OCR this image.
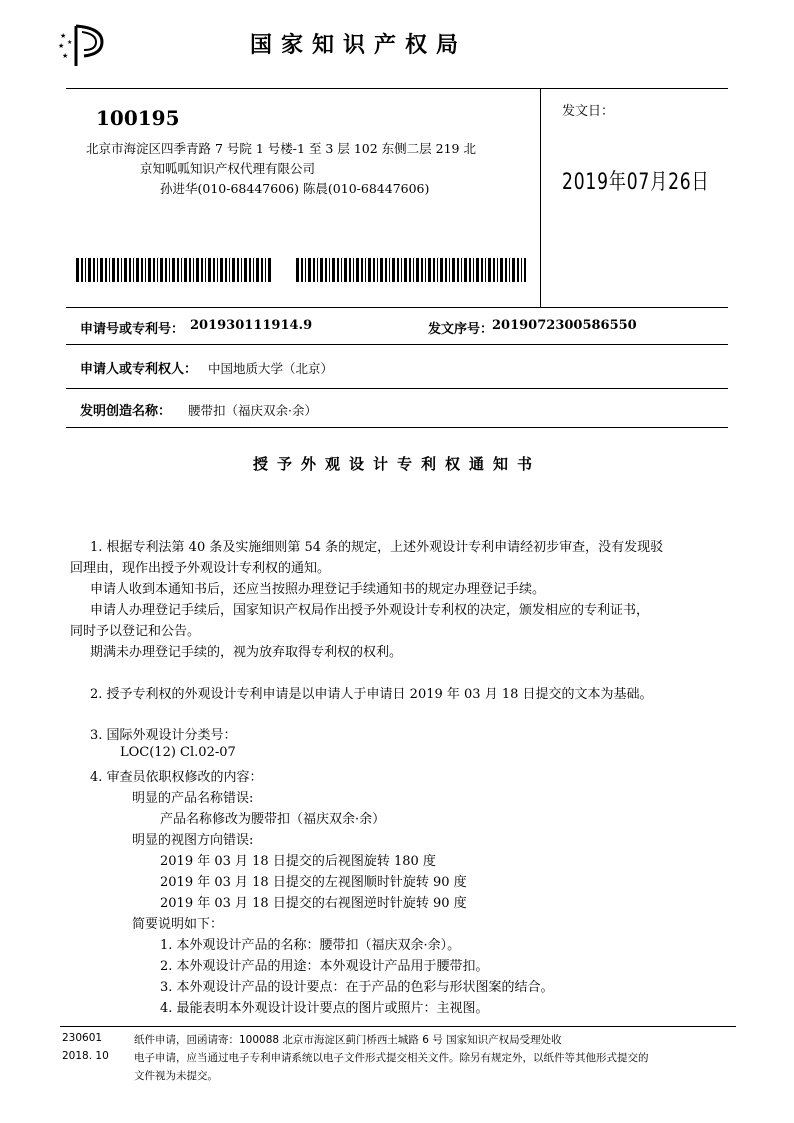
★
★
★
★	国家知识产权局
100195
北京市海淀区四季青路 7 号院 1 号楼-1 至 3 层 102 东侧二层 219 北
京知呱呱知识产权代理有限公司
孙进华(010-68447606) 陈晨(010-68447606)
发文日：
2019年07月26日
申请号或专利号： 201930111914.9	发文序号：
2019072300586550
申请人或专利权人： 中国地质大学（北京）
发明创造名称： 腰带扣（福庆双余·余）
授予外观设计专利权通知书
1. 根据专利法第 40 条及实施细则第 54 条的规定，上述外观设计专利申请经初步审查，没有发现驳
回理由，现作出授予外观设计专利权的通知。
申请人收到本通知书后，还应当按照办理登记手续通知书的规定办理登记手续。
申请人办理登记手续后，国家知识产权局作出授予外观设计专利权的决定，颁发相应的专利证书，
同时予以登记和公告。
期满未办理登记手续的，视为放弃取得专利权的权利。
2. 授予专利权的外观设计专利申请是以申请人于申请日 2019 年 03 月 18 日提交的文本为基础。
3. 国际外观设计分类号：
LOC(12) Cl.02-07
4. 审查员依职权修改的内容：
明显的产品名称错误:
产品名称修改为腰带扣（福庆双余·余）
明显的视图方向错误:
2019 年 03 月 18 日提交的后视图旋转 180 度
2019 年 03 月 18 日提交的左视图顺时针旋转 90 度
2019 年 03 月 18 日提交的右视图逆时针旋转 90 度
简要说明如下：
1. 本外观设计产品的名称：腰带扣（福庆双余·余）。
2. 本外观设计产品的用途：本外观设计产品用于腰带扣。
3. 本外观设计产品的设计要点：在于产品的色彩与形状图案的结合。
4. 最能表明本外观设计设计要点的图片或照片：主视图。
230601
2018. 10
纸件申请，回函请寄：100088 北京市海淀区蓟门桥西土城路 6 号 国家知识产权局受理处收
电子申请，应当通过电子专利申请系统以电子文件形式提交相关文件。除另有规定外，以纸件等其他形式提交的
文件视为未提交。
